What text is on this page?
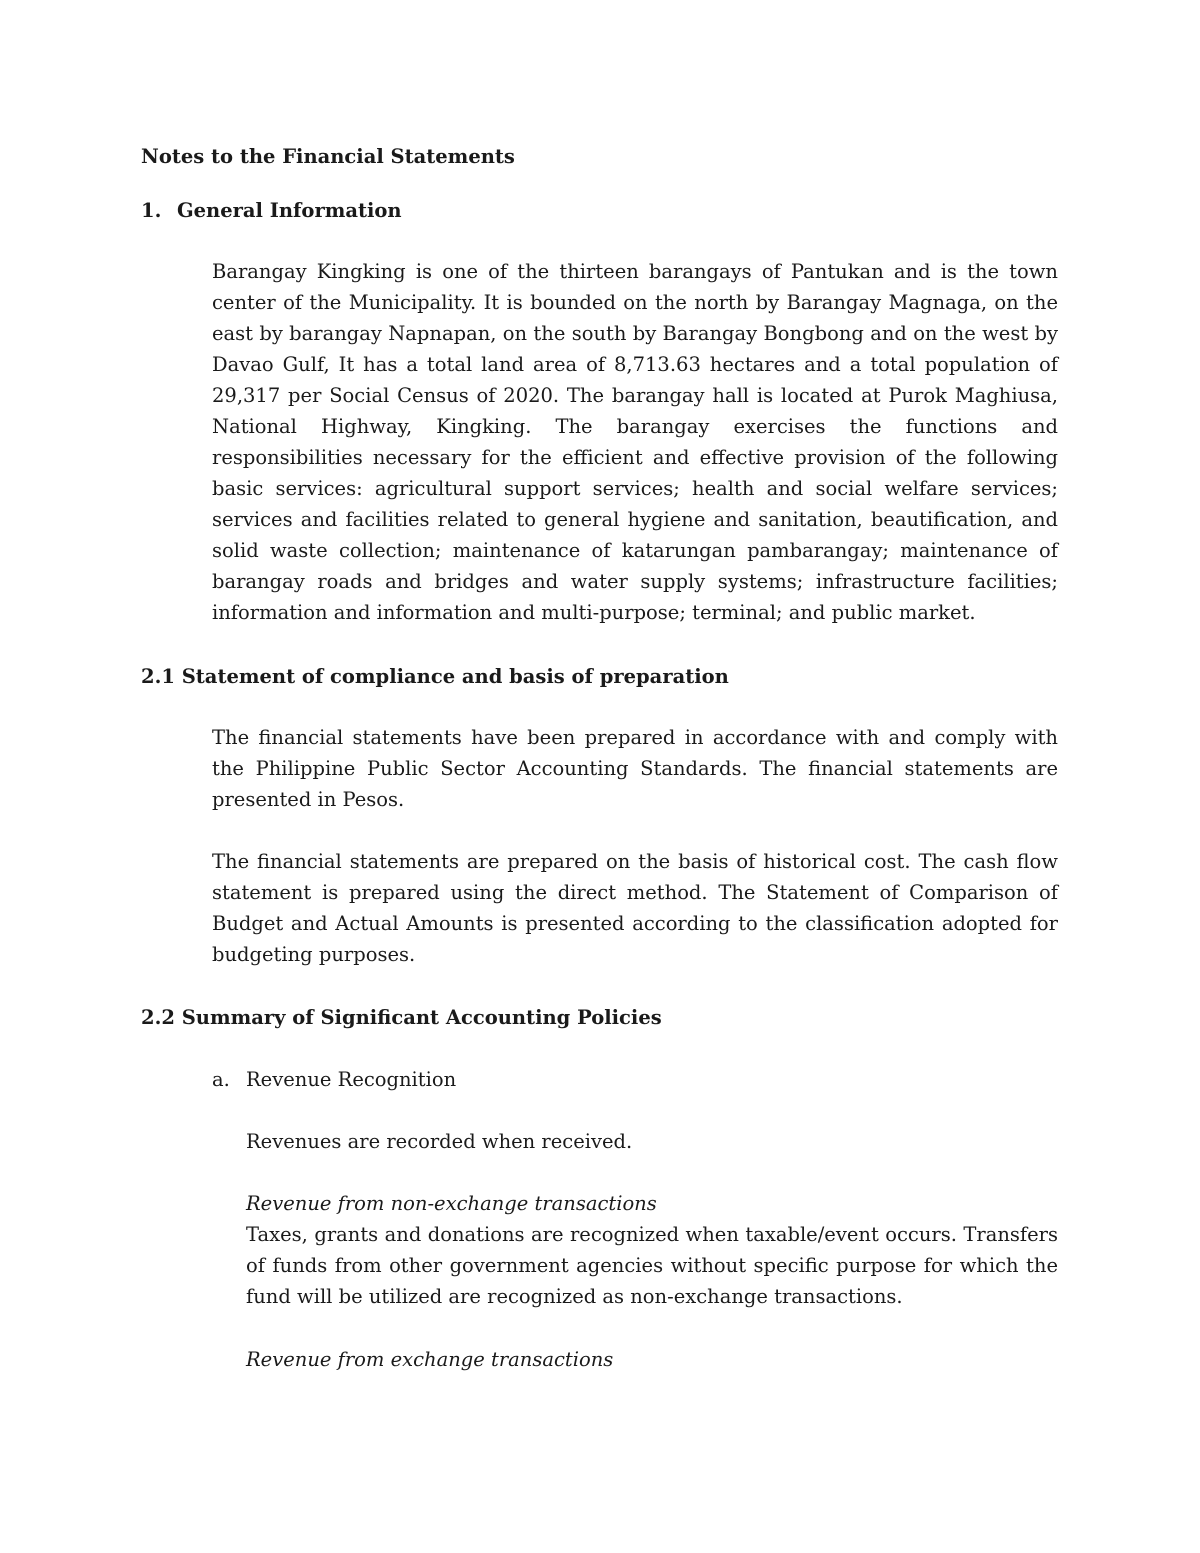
Notes to the Financial Statements
1. General Information
Barangay Kingking is one of the thirteen barangays of Pantukan and is the town center of the Municipality. It is bounded on the north by Barangay Magnaga, on the east by barangay Napnapan, on the south by Barangay Bongbong and on the west by Davao Gulf, It has a total land area of 8,713.63 hectares and a total population of 29,317 per Social Census of 2020. The barangay hall is located at Purok Maghiusa, National Highway, Kingking. The barangay exercises the functions and responsibilities necessary for the efficient and effective provision of the following basic services: agricultural support services; health and social welfare services; services and facilities related to general hygiene and sanitation, beautification, and solid waste collection; maintenance of katarungan pambarangay; maintenance of barangay roads and bridges and water supply systems; infrastructure facilities; information and information and multi-purpose; terminal; and public market.
2.1 Statement of compliance and basis of preparation
The financial statements have been prepared in accordance with and comply with the Philippine Public Sector Accounting Standards. The financial statements are presented in Pesos.
The financial statements are prepared on the basis of historical cost. The cash flow statement is prepared using the direct method. The Statement of Comparison of Budget and Actual Amounts is presented according to the classification adopted for budgeting purposes.
2.2 Summary of Significant Accounting Policies
a. Revenue Recognition
Revenues are recorded when received.
Revenue from non-exchange transactions
Taxes, grants and donations are recognized when taxable/event occurs. Transfers of funds from other government agencies without specific purpose for which the fund will be utilized are recognized as non-exchange transactions.
Revenue from exchange transactions
